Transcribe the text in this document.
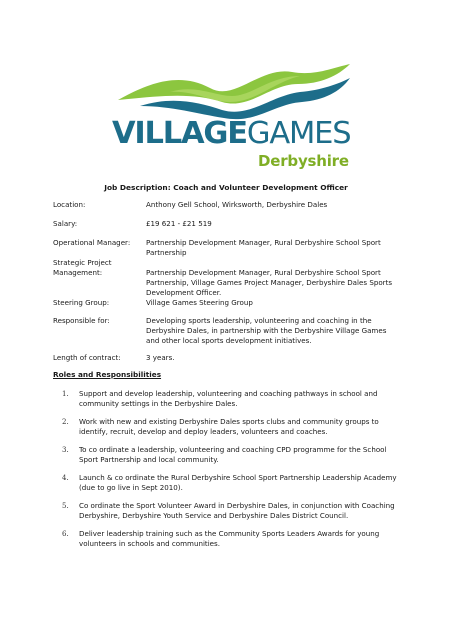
VILLAGEGAMES
Derbyshire
Job Description: Coach and Volunteer Development Officer
Location:	Anthony Gell School, Wirksworth, Derbyshire Dales
Salary:	£19 621 - £21 519
Operational Manager:	Partnership Development Manager, Rural Derbyshire School Sport Partnership
Strategic Project Management:	Partnership Development Manager, Rural Derbyshire School Sport Partnership, Village Games Project Manager, Derbyshire Dales Sports Development Officer.
Steering Group:	Village Games Steering Group
Responsible for:	Developing sports leadership, volunteering and coaching in the Derbyshire Dales, in partnership with the Derbyshire Village Games and other local sports development initiatives.
Length of contract:	3 years.
Roles and Responsibilities
1.	Support and develop leadership, volunteering and coaching pathways in school and community settings in the Derbyshire Dales.
2.	Work with new and existing Derbyshire Dales sports clubs and community groups to identify, recruit, develop and deploy leaders, volunteers and coaches.
3.	To co ordinate a leadership, volunteering and coaching CPD programme for the School Sport Partnership and local community.
4.	Launch & co ordinate the Rural Derbyshire School Sport Partnership Leadership Academy (due to go live in Sept 2010).
5.	Co ordinate the Sport Volunteer Award in Derbyshire Dales, in conjunction with Coaching Derbyshire, Derbyshire Youth Service and Derbyshire Dales District Council.
6.	Deliver leadership training such as the Community Sports Leaders Awards for young volunteers in schools and communities.
